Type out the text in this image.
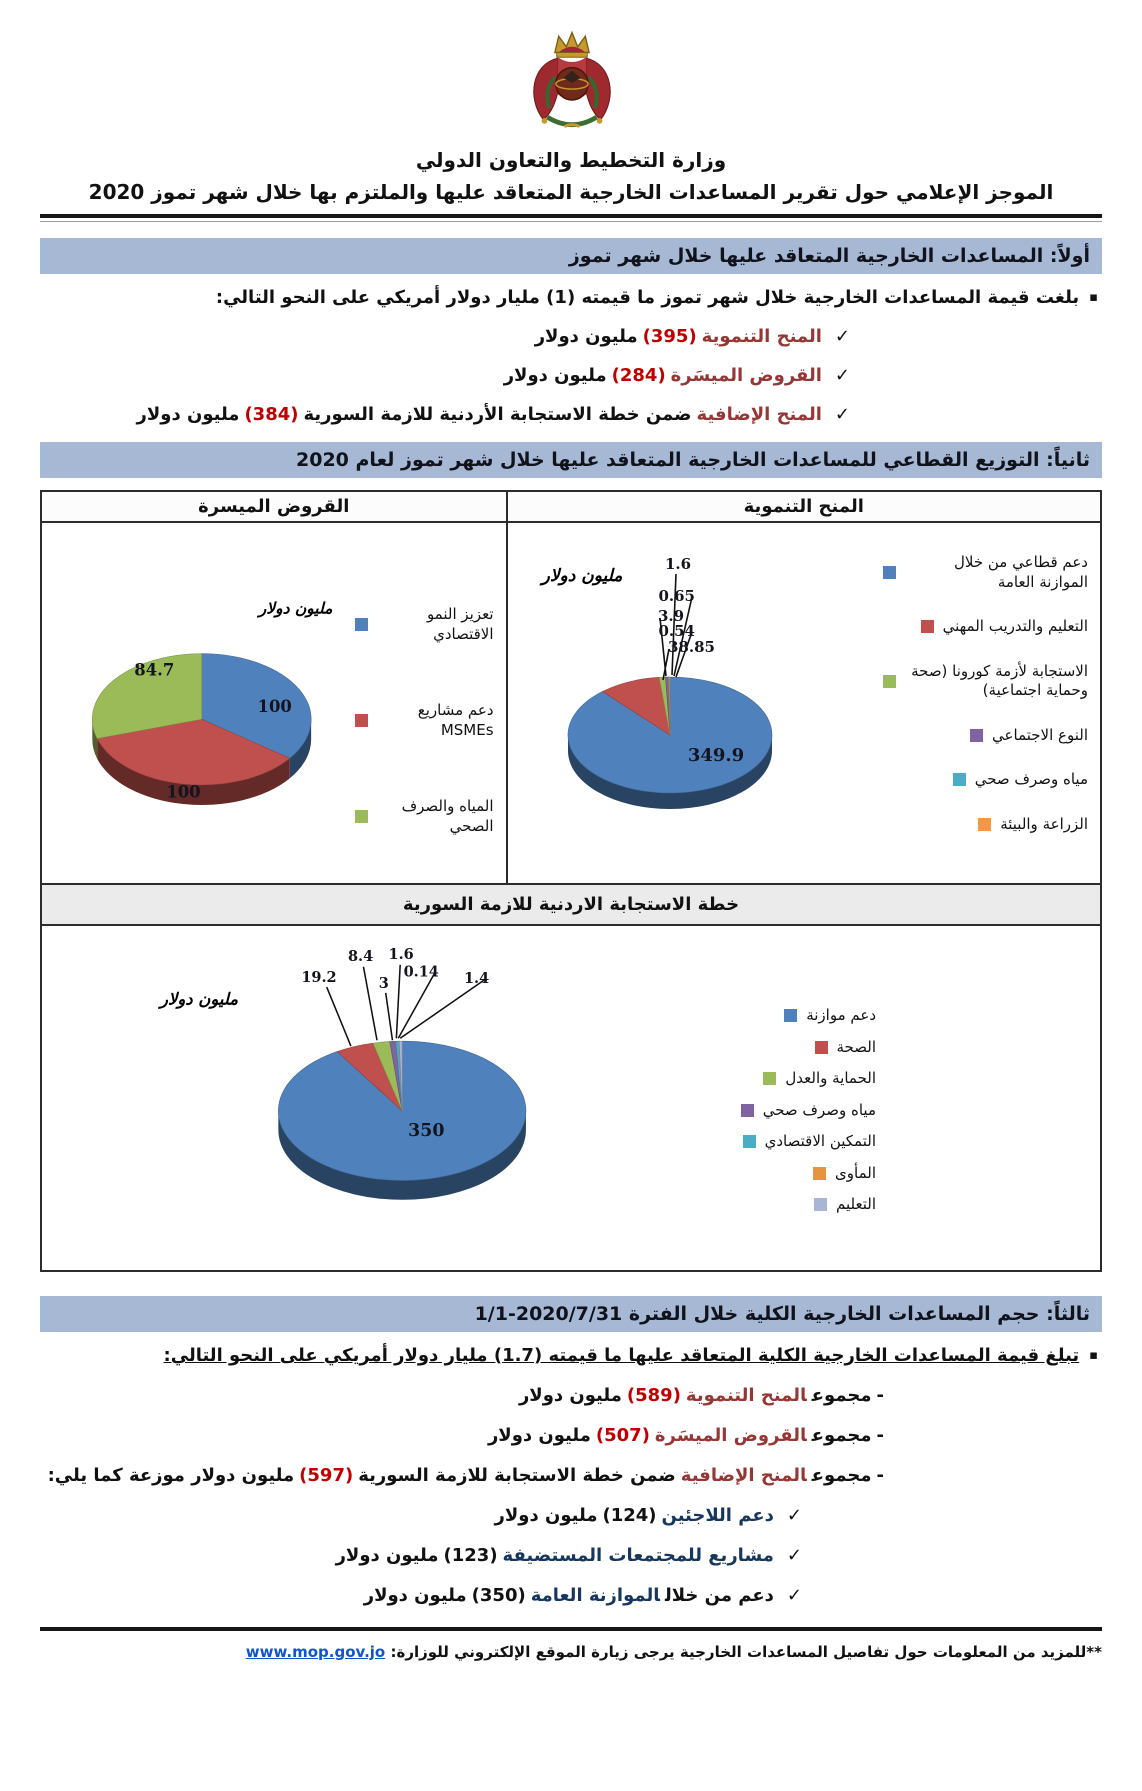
وزارة التخطيط والتعاون الدولي
الموجز الإعلامي حول تقرير المساعدات الخارجية المتعاقد عليها والملتزم بها خلال شهر تموز 2020
أولاً: المساعدات الخارجية المتعاقد عليها خلال شهر تموز
▪بلغت قيمة المساعدات الخارجية خلال شهر تموز ما قيمته (1) مليار دولار أمريكي على النحو التالي:
✓المنح التنموية(395)مليون دولار
✓القروض الميسَرة(284)مليون دولار
✓المنح الإضافيةضمن خطة الاستجابة الأردنية للازمة السورية(384)مليون دولار
ثانياً: التوزيع القطاعي للمساعدات الخارجية المتعاقد عليها خلال شهر تموز لعام 2020
المنح التنموية
دعم قطاعي من خلال الموازنة العامة
التعليم والتدريب المهني
الاستجابة لأزمة كورونا (صحة وحماية اجتماعية)
النوع الاجتماعي
مياه وصرف صحي
الزراعة والبيئة
1.6
0.65
3.9
0.54
38.85
349.9
مليون دولار
القروض الميسرة
تعزيز النمو الاقتصادي
دعم مشاريع MSMEs
المياه والصرف الصحي
100
100
84.7
مليون دولار
خطة الاستجابة الاردنية للازمة السورية
دعم موازنة
الصحة
الحماية والعدل
مياه وصرف صحي
التمكين الاقتصادي
المأوى
التعليم
19.2
8.4
3
1.6
0.14 1.4
350
مليون دولار
ثالثاً: حجم المساعدات الخارجية الكلية خلال الفترة 2020/7/31-1/1
▪تبلغ قيمة المساعدات الخارجية الكلية المتعاقد عليها ما قيمته (1.7) مليار دولار أمريكي على النحو التالي:
-مجموعالمنح التنموية(589)مليون دولار
-مجموعالقروض الميسَرة(507)مليون دولار
-مجموعالمنح الإضافيةضمن خطة الاستجابة للازمة السورية(597)مليون دولار موزعة كما يلي:
✓دعم اللاجئين(124)مليون دولار
✓مشاريع للمجتمعات المستضيفة(123)مليون دولار
✓دعم من خلالالموازنة العامة(350)مليون دولار
**للمزيد من المعلومات حول تفاصيل المساعدات الخارجية يرجى زيارة الموقع الإلكتروني للوزارة: www.mop.gov.jo
